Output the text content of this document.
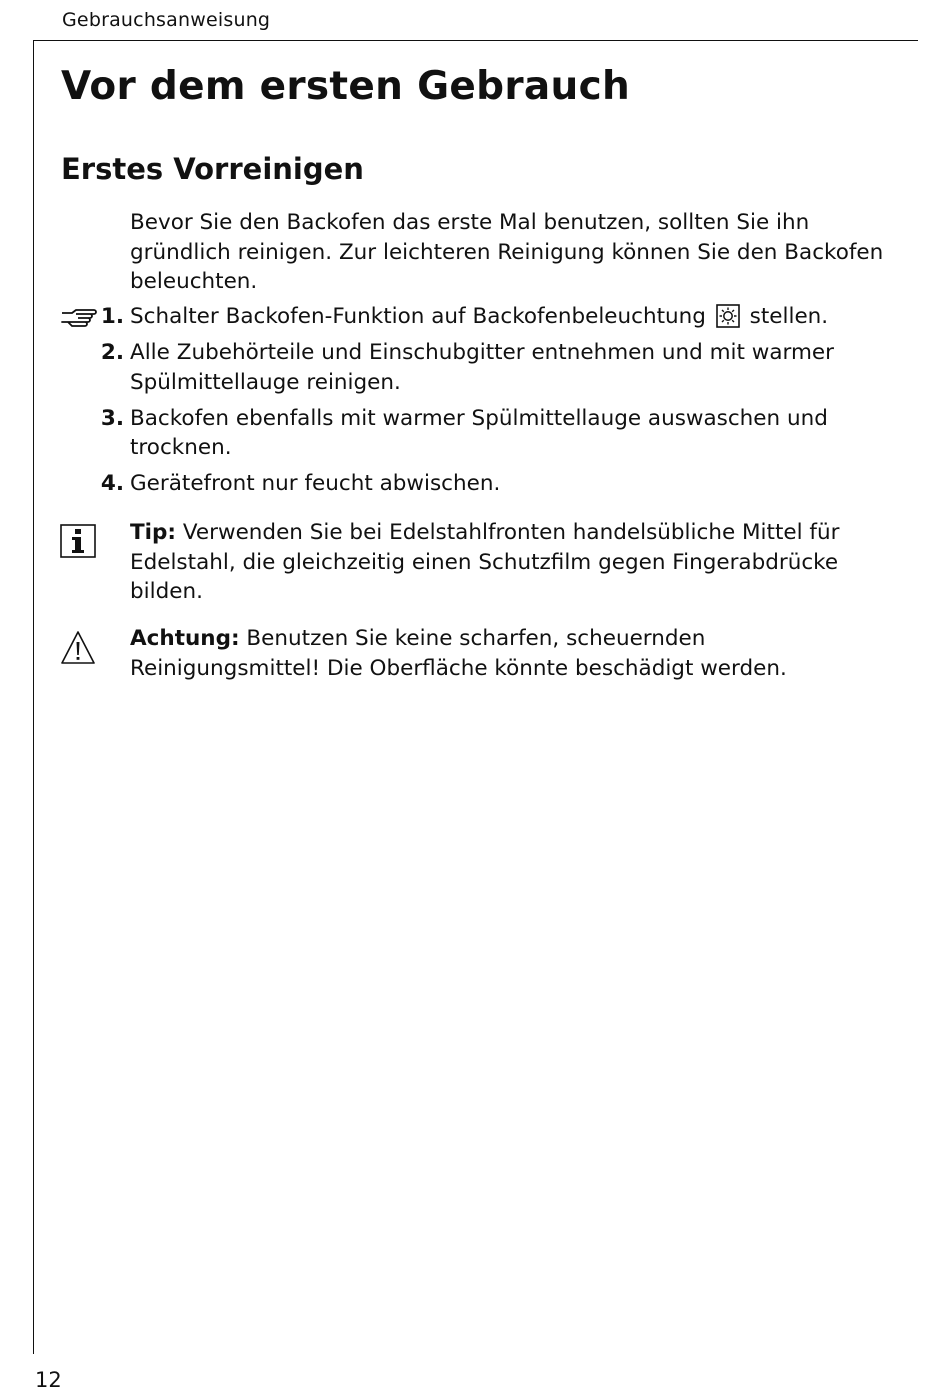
Gebrauchsanweisung
Vor dem ersten Gebrauch
Erstes Vorreinigen

Bevor Sie den Backofen das erste Mal benutzen, sollten Sie ihn gründlich reinigen. Zur leichteren Reinigung können Sie den Backofen beleuchten.

1. Schalter Backofen-Funktion auf Backofenbeleuchtung stellen.
2. Alle Zubehörteile und Einschubgitter entnehmen und mit warmer Spülmittellauge reinigen.
3. Backofen ebenfalls mit warmer Spülmittellauge auswaschen und trocknen.
4. Gerätefront nur feucht abwischen.
Tip: Verwenden Sie bei Edelstahlfronten handelsübliche Mittel für Edelstahl, die gleichzeitig einen Schutzfilm gegen Fingerabdrücke bilden.
Achtung: Benutzen Sie keine scharfen, scheuernden Reinigungsmittel! Die Oberfläche könnte beschädigt werden.
12
